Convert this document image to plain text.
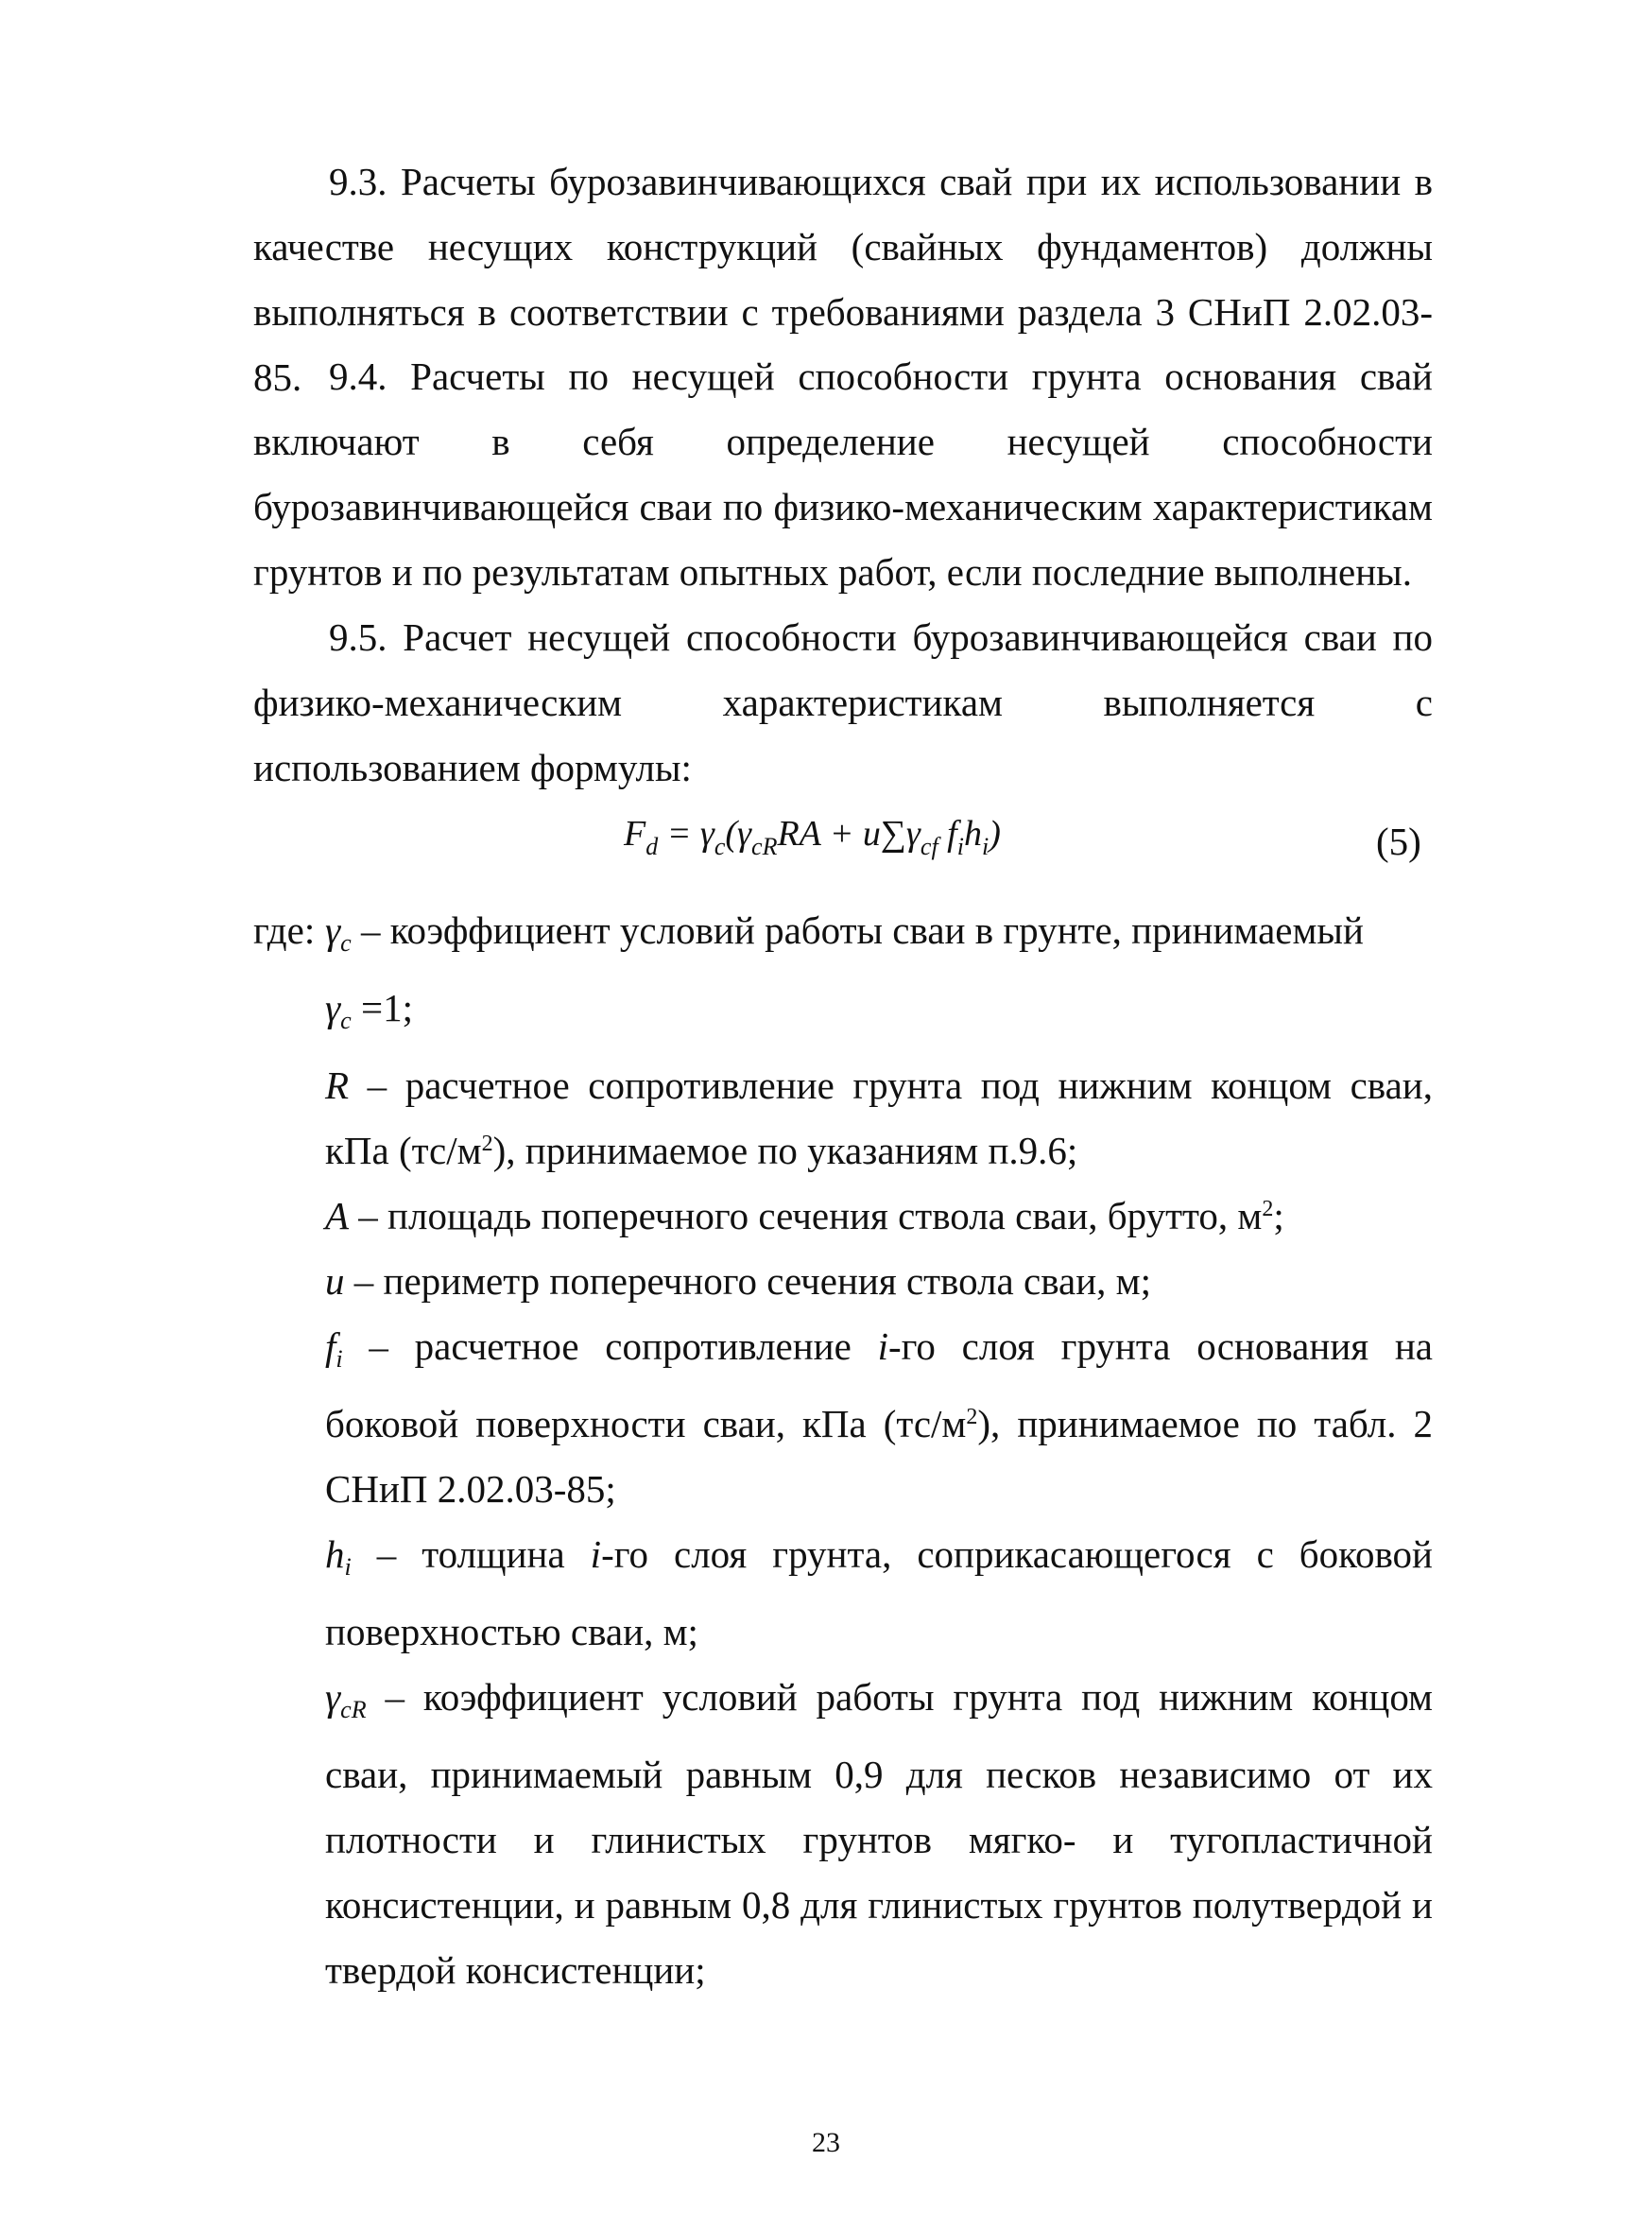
9.3. Расчеты бурозавинчивающихся свай при их использовании в качестве несущих конструкций (свайных фундаментов) должны выполняться в соответствии с требованиями раздела 3 СНиП 2.02.03-85. 9.4. Расчеты по несущей способности грунта основания свай включают в себя определение несущей способности бурозавинчивающейся сваи по физико-механическим характеристикам грунтов и по результатам опытных работ, если последние выполнены.

9.5. Расчет несущей способности бурозавинчивающейся сваи по физико-механическим характеристикам выполняется с использованием формулы:

$F_d = \gamma_c(\gamma_{cR}RA + u\sum\gamma_{cf}$ $f_ih_i$)	(5)
где: $\gamma_c$ – коэффициент условий работы сваи в грунте, принимаемый

$\gamma_c =1$;

R – расчетное сопротивление грунта под нижним концом сваи, кПа $(тс/м^2)$, принимаемое по указаниям п.9.6;

A – площадь поперечного сечения ствола сваи, брутто, $м^2$;

u – периметр поперечного сечения ствола сваи, м;

$f_i$ – расчетное сопротивление i-го слоя грунта основания на боковой поверхности сваи, кПа $(тс/м^2)$, принимаемое по табл. 2 СНиП 2.02.03-85;

$h_i$ – толщина i-го слоя грунта, соприкасающегося с боковой поверхностью сваи, м;

$\gamma_{cR}$ – коэффициент условий работы грунта под нижним концом сваи, принимаемый равным 0,9 для песков независимо от их плотности и глинистых грунтов мягко- и тугопластичной консистенции, и равным 0,8 для глинистых грунтов полутвердой и твердой консистенции;

23
